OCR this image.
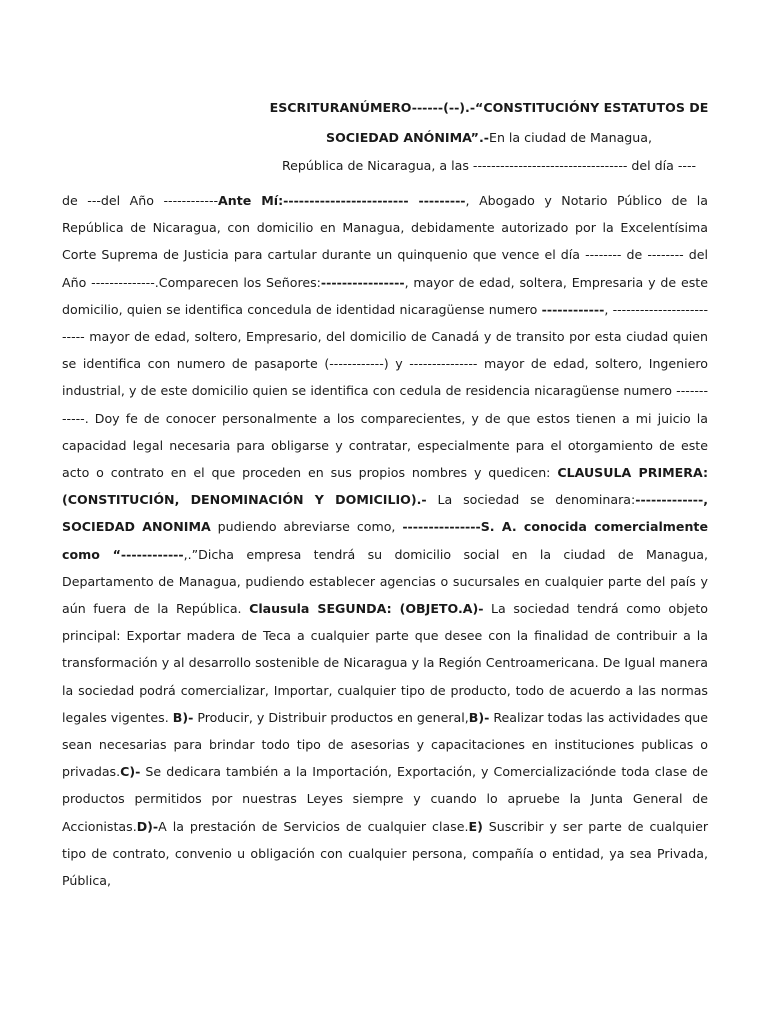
ESCRITURANÚMERO------(--).-“CONSTITUCIÓNY ESTATUTOS DE
SOCIEDAD ANÓNIMA”.-En la ciudad de Managua,
República de Nicaragua, a las ---------------------------------- del día ----
de ---del Año ------------Ante Mí:------------------------ ---------, Abogado y Notario Público de la República de Nicaragua, con domicilio en Managua, debidamente autorizado por la Excelentísima Corte Suprema de Justicia para cartular durante un quinquenio que vence el día -------- de -------- del Año --------------.Comparecen los Señores:----------------, mayor de edad, soltera, Empresaria y de este domicilio, quien se identifica concedula de identidad nicaragüense numero ------------, -------------------------- mayor de edad, soltero, Empresario, del domicilio de Canadá y de transito por esta ciudad quien se identifica con numero de pasaporte (------------) y --------------- mayor de edad, soltero, Ingeniero industrial, y de este domicilio quien se identifica con cedula de residencia nicaragüense numero ------------. Doy fe de conocer personalmente a los comparecientes, y de que estos tienen a mi juicio la capacidad legal necesaria para obligarse y contratar, especialmente para el otorgamiento de este acto o contrato en el que proceden en sus propios nombres y quedicen: CLAUSULA PRIMERA: (CONSTITUCIÓN, DENOMINACIÓN Y DOMICILIO).- La sociedad se denominara:-------------, SOCIEDAD ANONIMA pudiendo abreviarse como, ---------------S. A. conocida comercialmente como “------------,.”Dicha empresa tendrá su domicilio social en la ciudad de Managua, Departamento de Managua, pudiendo establecer agencias o sucursales en cualquier parte del país y aún fuera de la República. Clausula SEGUNDA: (OBJETO.A)- La sociedad tendrá como objeto principal: Exportar madera de Teca a cualquier parte que desee con la finalidad de contribuir a la transformación y al desarrollo sostenible de Nicaragua y la Región Centroamericana. De Igual manera la sociedad podrá comercializar, Importar, cualquier tipo de producto, todo de acuerdo a las normas legales vigentes. B)- Producir, y Distribuir productos en general,B)- Realizar todas las actividades que sean necesarias para brindar todo tipo de asesorias y capacitaciones en instituciones publicas o privadas.C)- Se dedicara también a la Importación, Exportación, y Comercializaciónde toda clase de productos permitidos por nuestras Leyes siempre y cuando lo apruebe la Junta General de Accionistas.D)-A la prestación de Servicios de cualquier clase.E) Suscribir y ser parte de cualquier tipo de contrato, convenio u obligación con cualquier persona, compañía o entidad, ya sea Privada, Pública,
